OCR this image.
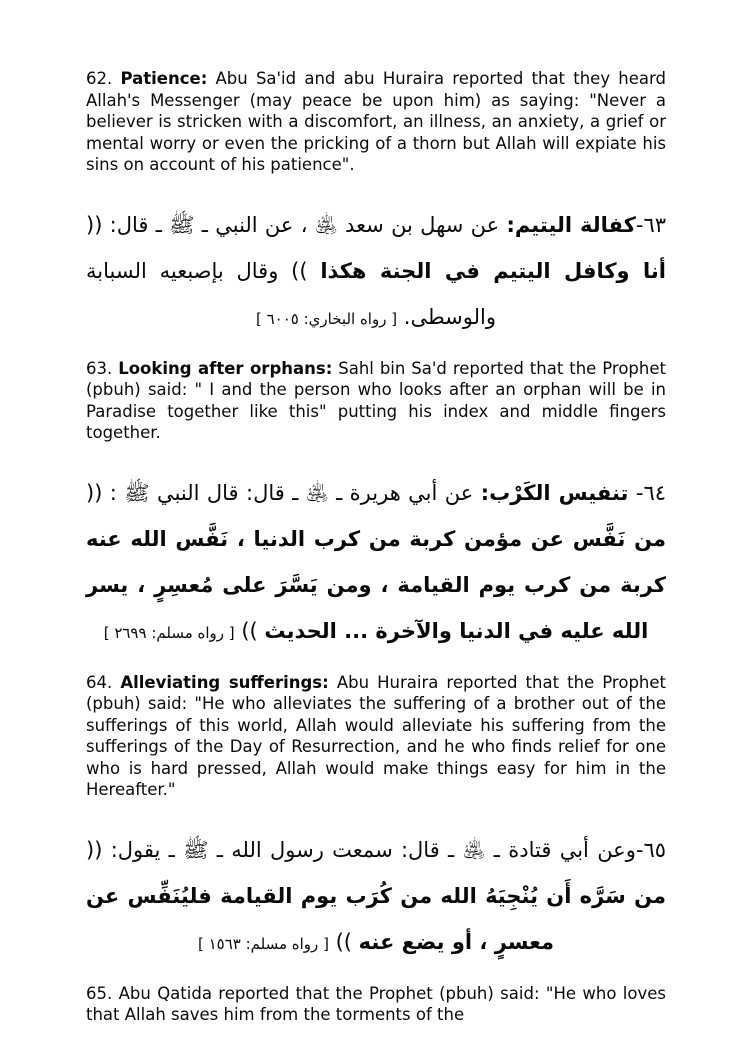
62. Patience: Abu Sa'id and abu Huraira reported that they heard Allah's Messenger (may peace be upon him) as saying: "Never a believer is stricken with a discomfort, an illness, an anxiety, a grief or mental worry or even the pricking of a thorn but Allah will expiate his sins on account of his patience".

٦٣-كفالة اليتيم: عن سهل بن سعد ﵁ ، عن النبي ـ ﷺ ـ قال: (( أنا وكافل اليتيم في الجنة هكذا )) وقال بإصبعيه السبابة والوسطى. [ رواه البخاري: ٦٠٠٥ ]

63. Looking after orphans: Sahl bin Sa'd reported that the Prophet (pbuh) said: " I and the person who looks after an orphan will be in Paradise together like this" putting his index and middle fingers together.

٦٤- تنفيس الكَرْب: عن أبي هريرة ـ ﵁ ـ قال: قال النبي ﷺ : (( من نَفَّس عن مؤمن كربة من كرب الدنيا ، نَفَّس الله عنه كربة من كرب يوم القيامة ، ومن يَسَّرَ على مُعسِرٍ ، يسر الله عليه في الدنيا والآخرة ... الحديث )) [ رواه مسلم: ٢٦٩٩ ]

64. Alleviating sufferings: Abu Huraira reported that the Prophet (pbuh) said: "He who alleviates the suffering of a brother out of the sufferings of this world, Allah would alleviate his suffering from the sufferings of the Day of Resurrection, and he who finds relief for one who is hard pressed, Allah would make things easy for him in the Hereafter."

٦٥-وعن أبي قتادة ـ ﵁ ـ قال: سمعت رسول الله ـ ﷺ ـ يقول: (( من سَرَّه أَن يُنْجِيَهُ الله من كُرَب يوم القيامة فليُنَفِّس عن معسرٍ ، أو يضع عنه )) [ رواه مسلم: ١٥٦٣ ]

65. Abu Qatida reported that the Prophet (pbuh) said: "He who loves that Allah saves him from the torments of the
